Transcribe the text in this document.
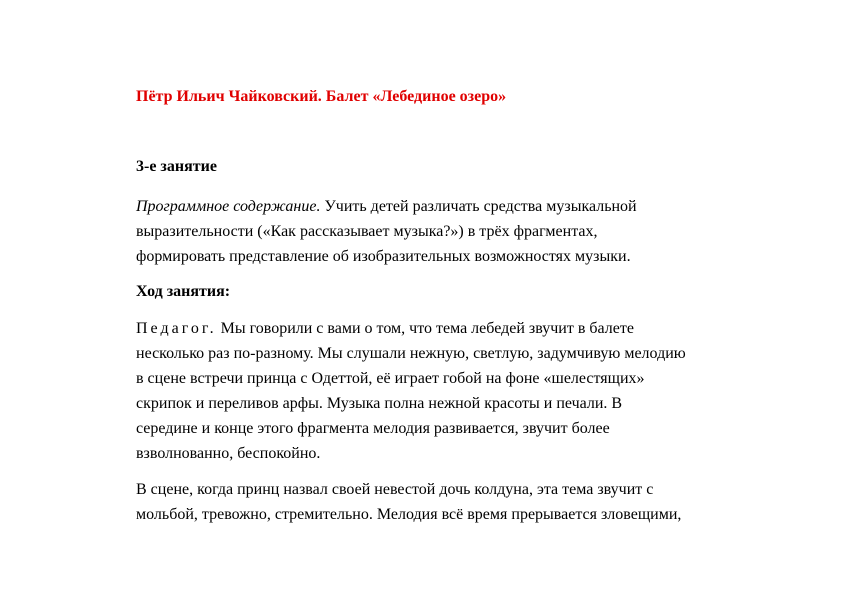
Пётр Ильич Чайковский. Балет «Лебединое озеро»
3-е занятие
Программное содержание. Учить детей различать средства музыкальной
выразительности («Как рассказывает музыка?») в трёх фрагментах,
формировать представление об изобразительных возможностях музыки.
Ход занятия:
Педагог. Мы говорили с вами о том, что тема лебедей звучит в балете
несколько раз по-разному. Мы слушали нежную, светлую, задумчивую мелодию
в сцене встречи принца с Одеттой, её играет гобой на фоне «шелестящих»
скрипок и переливов арфы. Музыка полна нежной красоты и печали. В
середине и конце этого фрагмента мелодия развивается, звучит более
взволнованно, беспокойно.
В сцене, когда принц назвал своей невестой дочь колдуна, эта тема звучит с
мольбой, тревожно, стремительно. Мелодия всё время прерывается зловещими,
